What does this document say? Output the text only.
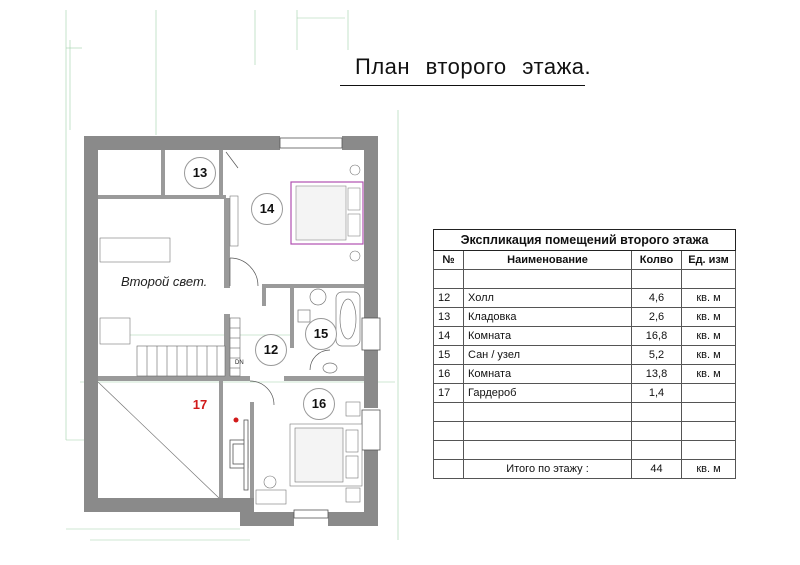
План второго этажа.
13
14
12
15
16
17
Второй свет.
DN
Экспликация помещений второго этажа			
№	Наименование	Колво	Ед. изм

12	Холл	4,6	кв. м
13	Кладовка	2,6	кв. м
14	Комната	16,8	кв. м
15	Сан / узел	5,2	кв. м
16	Комната	13,8	кв. м
17	Гардероб	1,4	

	Итого по этажу :	44	кв. м
